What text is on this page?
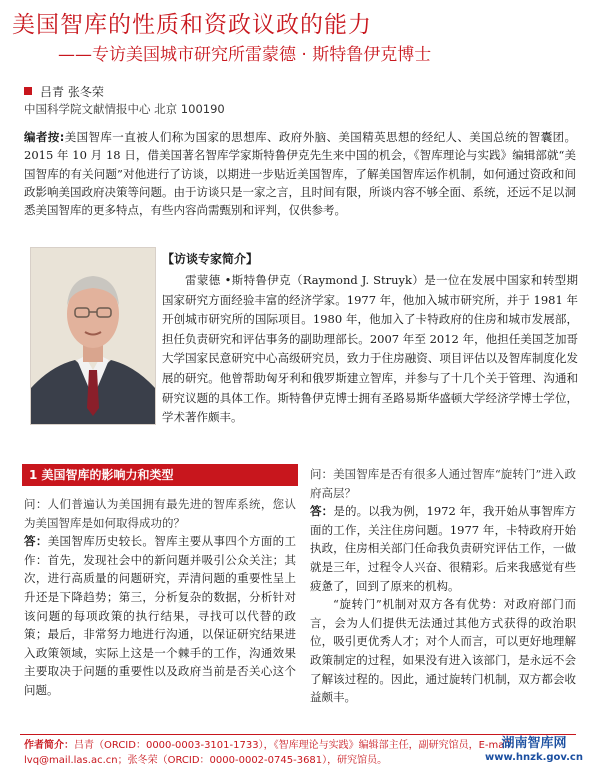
美国智库的性质和资政议政的能力
——专访美国城市研究所雷蒙德 · 斯特鲁伊克博士
吕青 张冬荣
中国科学院文献情报中心 北京 100190
编者按:美国智库一直被人们称为国家的思想库、政府外脑、美国精英思想的经纪人、美国总统的智囊团。2015 年 10 月 18 日，借美国著名智库学家斯特鲁伊克先生来中国的机会，《智库理论与实践》编辑部就“美国智库的有关问题”对他进行了访谈，以期进一步贴近美国智库，了解美国智库运作机制，如何通过资政和间政影响美国政府决策等问题。由于访谈只是一家之言，且时间有限，所谈内容不够全面、系统，还远不足以洞悉美国智库的更多特点，有些内容尚需甄别和评判，仅供参考。
【访谈专家简介】
雷蒙德 •斯特鲁伊克（Raymond J. Struyk）是一位在发展中国家和转型期国家研究方面经验丰富的经济学家。1977 年，他加入城市研究所，并于 1981 年开创城市研究所的国际项目。1980 年，他加入了卡特政府的住房和城市发展部，担任负责研究和评估事务的副助理部长。2007 年至 2012 年，他担任美国芝加哥大学国家民意研究中心高级研究员，致力于住房融资、项目评估以及智库制度化发展的研究。他曾帮助匈牙利和俄罗斯建立智库，并参与了十几个关于管理、沟通和研究议题的具体工作。斯特鲁伊克博士拥有圣路易斯华盛顿大学经济学博士学位，学术著作颇丰。
1 美国智库的影响力和类型
问：人们普遍认为美国拥有最先进的智库系统，您认为美国智库是如何取得成功的？
答：美国智库历史较长。智库主要从事四个方面的工作：首先，发现社会中的新问题并吸引公众关注；其次，进行高质量的问题研究，弄清问题的重要性呈上升还是下降趋势；第三，分析复杂的数据，分析针对该问题的每项政策的执行结果，寻找可以代替的政策；最后，非常努力地进行沟通，以保证研究结果进入政策领域，实际上这是一个棘手的工作，沟通效果主要取决于问题的重要性以及政府当前是否关心这个问题。
问：美国智库是否有很多人通过智库“旋转门”进入政府高层？
答：是的。以我为例，1972 年，我开始从事智库方面的工作，关注住房问题。1977 年，卡特政府开始执政，住房相关部门任命我负责研究评估工作，一做就是三年，过程令人兴奋、很精彩。后来我感觉有些疲惫了，回到了原来的机构。
“旋转门”机制对双方各有优势：对政府部门而言，会为人们提供无法通过其他方式获得的政治职位，吸引更优秀人才；对个人而言，可以更好地理解政策制定的过程，如果没有进入该部门，是永远不会了解该过程的。因此，通过旋转门机制，双方都会收益颇丰。
作者简介：吕青（ORCID：0000-0003-3101-1733），《智库理论与实践》编辑部主任，副研究馆员，E-mail：lvq@mail.las.ac.cn；张冬荣（ORCID：0000-0002-0745-3681），研究馆员。
湖南智库网
www.hnzk.gov.cn
